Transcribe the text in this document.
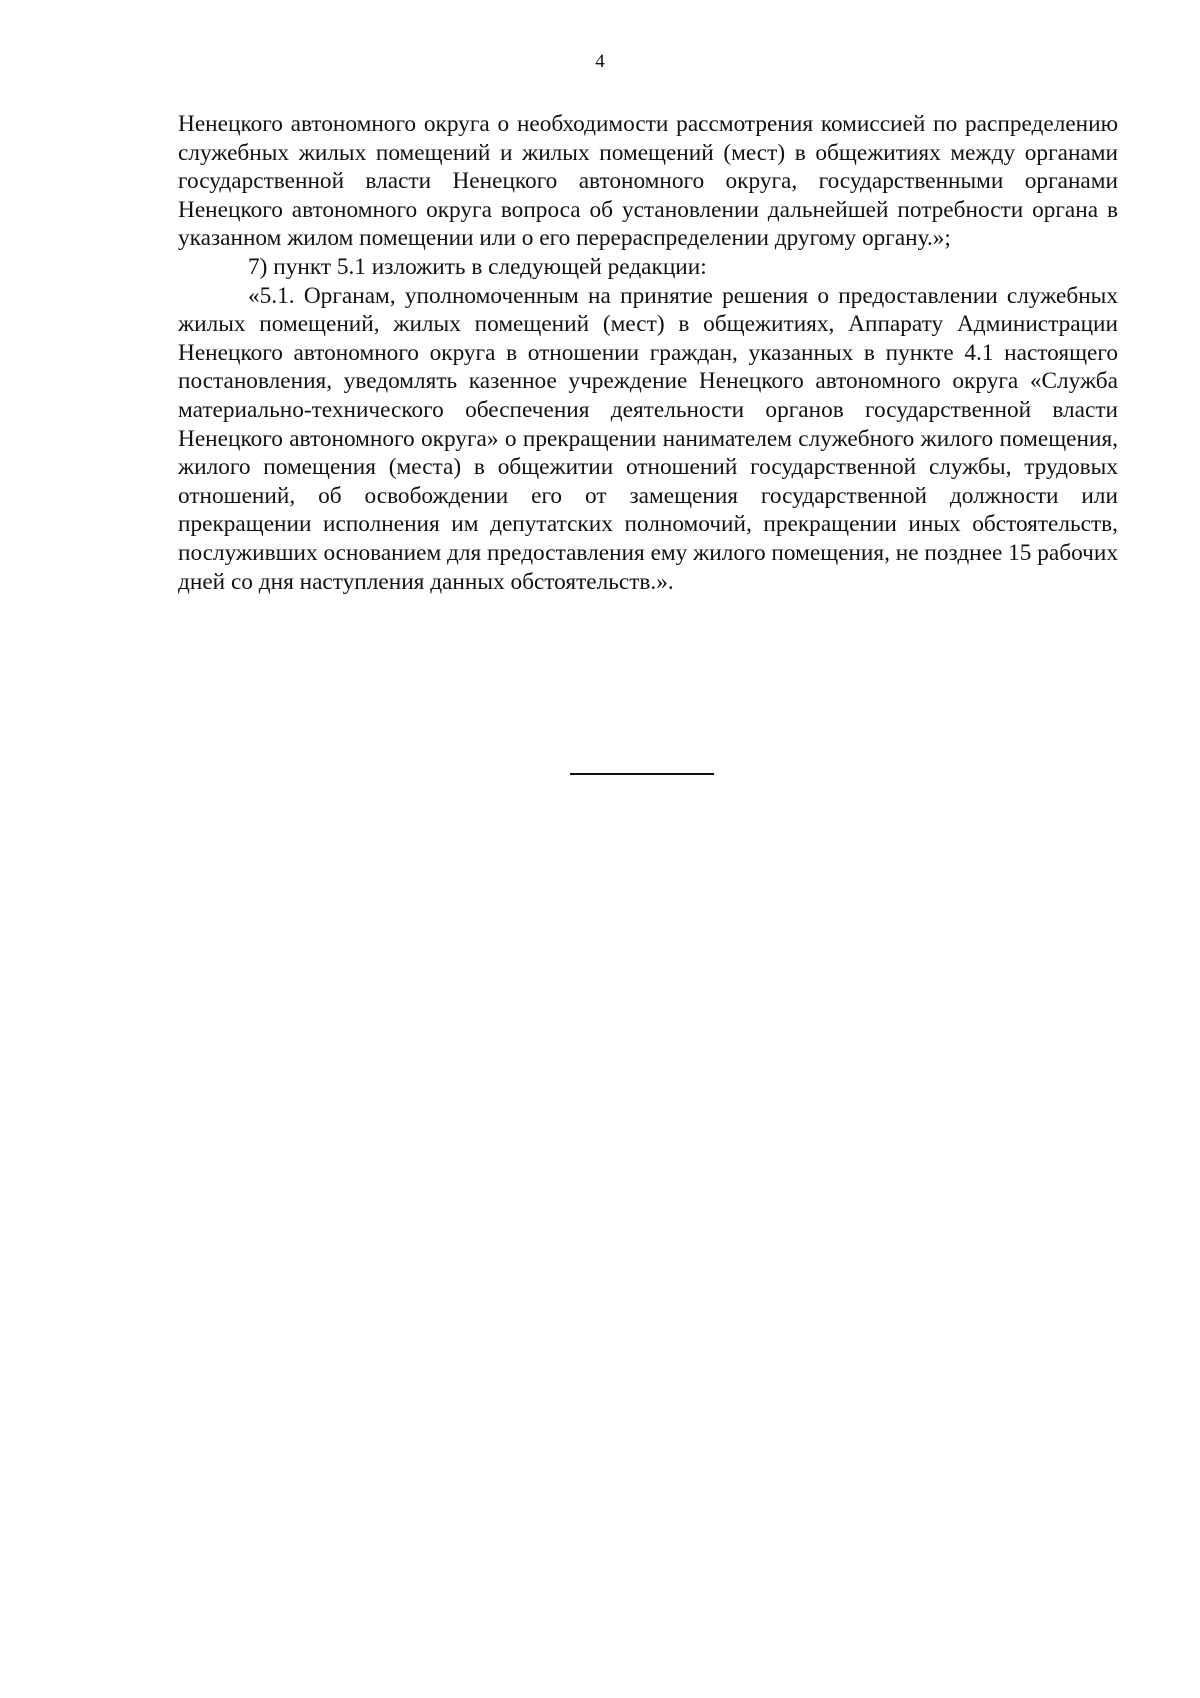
4

Ненецкого автономного округа о необходимости рассмотрения комиссией по распределению служебных жилых помещений и жилых помещений (мест) в общежитиях между органами государственной власти Ненецкого автономного округа, государственными органами Ненецкого автономного округа вопроса об установлении дальнейшей потребности органа в указанном жилом помещении или о его перераспределении другому органу.»;

7) пункт 5.1 изложить в следующей редакции:

«5.1. Органам, уполномоченным на принятие решения о предоставлении служебных жилых помещений, жилых помещений (мест) в общежитиях, Аппарату Администрации Ненецкого автономного округа в отношении граждан, указанных в пункте 4.1 настоящего постановления, уведомлять казенное учреждение Ненецкого автономного округа «Служба материально-технического обеспечения деятельности органов государственной власти Ненецкого автономного округа» о прекращении нанимателем служебного жилого помещения, жилого помещения (места) в общежитии отношений государственной службы, трудовых отношений, об освобождении его от замещения государственной должности или прекращении исполнения им депутатских полномочий, прекращении иных обстоятельств, послуживших основанием для предоставления ему жилого помещения, не позднее 15 рабочих дней со дня наступления данных обстоятельств.».
